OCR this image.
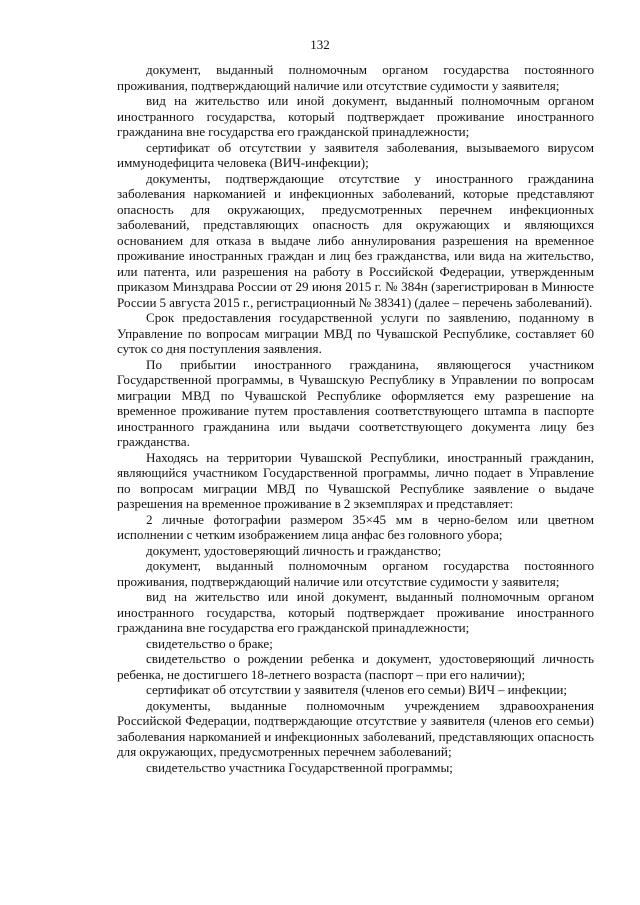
132

документ, выданный полномочным органом государства постоянного проживания, подтверждающий наличие или отсутствие судимости у заявителя;

вид на жительство или иной документ, выданный полномочным органом иностранного государства, который подтверждает проживание иностранного гражданина вне государства его гражданской принадлежности;

сертификат об отсутствии у заявителя заболевания, вызываемого вирусом иммунодефицита человека (ВИЧ-инфекции);

документы, подтверждающие отсутствие у иностранного гражданина заболевания наркоманией и инфекционных заболеваний, которые представляют опасность для окружающих, предусмотренных перечнем инфекционных заболеваний, представляющих опасность для окружающих и являющихся основанием для отказа в выдаче либо аннулирования разрешения на временное проживание иностранных граждан и лиц без гражданства, или вида на жительство, или патента, или разрешения на работу в Российской Федерации, утвержденным приказом Минздрава России от 29 июня 2015 г. № 384н (зарегистрирован в Минюсте России 5 августа 2015 г., регистрационный № 38341) (далее – перечень заболеваний).

Срок предоставления государственной услуги по заявлению, поданному в Управление по вопросам миграции МВД по Чувашской Республике, составляет 60 суток со дня поступления заявления.

По прибытии иностранного гражданина, являющегося участником Государственной программы, в Чувашскую Республику в Управлении по вопросам миграции МВД по Чувашской Республике оформляется ему разрешение на временное проживание путем проставления соответствующего штампа в паспорте иностранного гражданина или выдачи соответствующего документа лицу без гражданства.

Находясь на территории Чувашской Республики, иностранный гражданин, являющийся участником Государственной программы, лично подает в Управление по вопросам миграции МВД по Чувашской Республике заявление о выдаче разрешения на временное проживание в 2 экземплярах и представляет:

2 личные фотографии размером 35×45 мм в черно-белом или цветном исполнении с четким изображением лица анфас без головного убора;

документ, удостоверяющий личность и гражданство;

документ, выданный полномочным органом государства постоянного проживания, подтверждающий наличие или отсутствие судимости у заявителя;

вид на жительство или иной документ, выданный полномочным органом иностранного государства, который подтверждает проживание иностранного гражданина вне государства его гражданской принадлежности;

свидетельство о браке;

свидетельство о рождении ребенка и документ, удостоверяющий личность ребенка, не достигшего 18-летнего возраста (паспорт – при его наличии);

сертификат об отсутствии у заявителя (членов его семьи) ВИЧ – инфекции;

документы, выданные полномочным учреждением здравоохранения Российской Федерации, подтверждающие отсутствие у заявителя (членов его семьи) заболевания наркоманией и инфекционных заболеваний, представляющих опасность для окружающих, предусмотренных перечнем заболеваний;

свидетельство участника Государственной программы;
